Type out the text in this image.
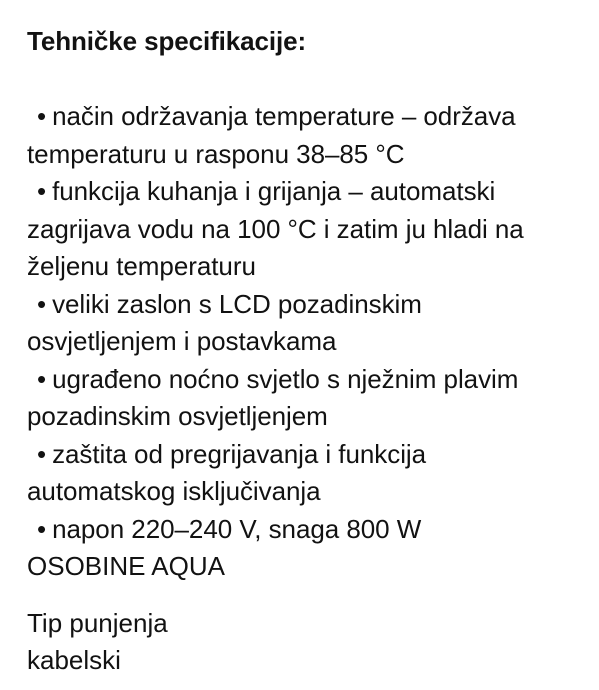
Tehničke specifikacije:
• način održavanja temperature – održava temperaturu u rasponu 38–85 °C
• funkcija kuhanja i grijanja – automatski zagrijava vodu na 100 °C i zatim ju hladi na željenu temperaturu
• veliki zaslon s LCD pozadinskim osvjetljenjem i postavkama
• ugrađeno noćno svjetlo s nježnim plavim pozadinskim osvjetljenjem
• zaštita od pregrijavanja i funkcija automatskog isključivanja
• napon 220–240 V, snaga 800 W

OSOBINE AQUA

Tip punjenja

kabelski
